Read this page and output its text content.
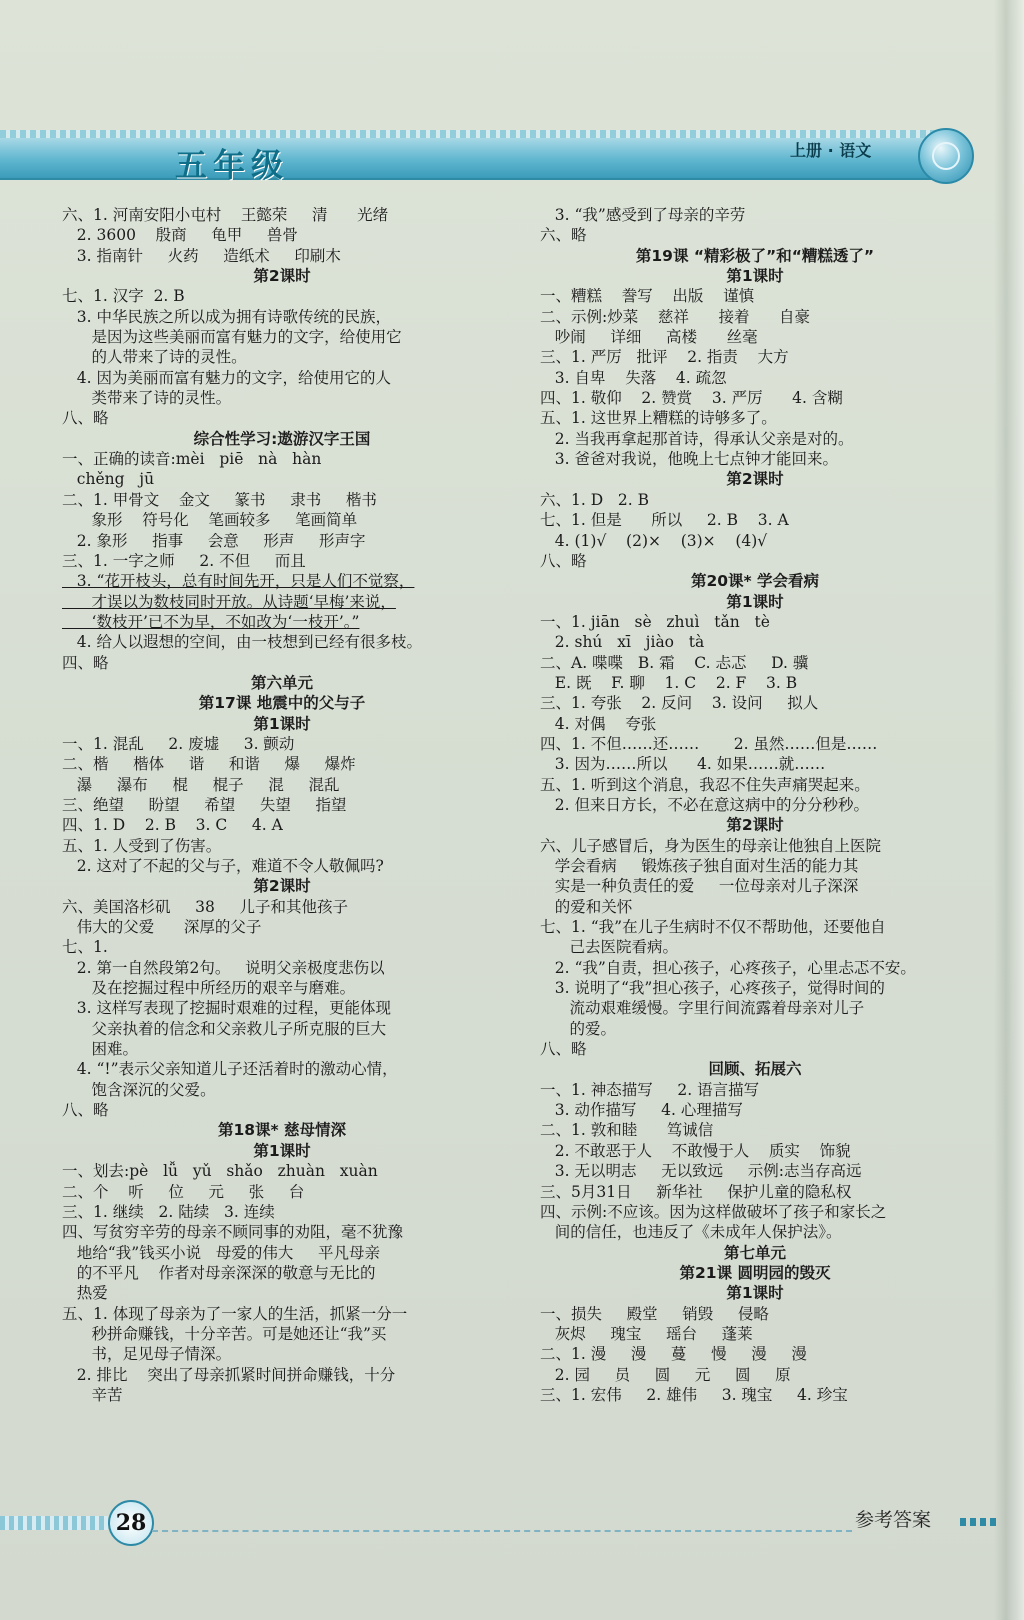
五年级	上册 · 语文
六、1. 河南安阳小屯村    王懿荣     清      光绪
2. 3600    殷商     龟甲     兽骨
3. 指南针     火药     造纸术     印刷木
第2课时
七、1. 汉字  2. B
3. 中华民族之所以成为拥有诗歌传统的民族，
是因为这些美丽而富有魅力的文字，给使用它
的人带来了诗的灵性。
4. 因为美丽而富有魅力的文字，给使用它的人
类带来了诗的灵性。
八、略
综合性学习:遨游汉字王国
一、正确的读音:mèi   piē   nà   hàn
chěng   jū
二、1. 甲骨文    金文     篆书     隶书     楷书
象形    符号化    笔画较多     笔画简单
2. 象形     指事     会意     形声     形声字
三、1. 一字之师     2. 不但     而且
3. “花开枝头，总有时间先开，只是人们不觉察，
才误以为数枝同时开放。从诗题‘早梅’来说，
‘数枝开’已不为早，不如改为‘一枝开’。”
4. 给人以遐想的空间，由一枝想到已经有很多枝。
四、略
第六单元
第17课 地震中的父与子
第1课时
一、1. 混乱     2. 废墟     3. 颤动
二、楷     楷体     谐     和谐     爆     爆炸
瀑     瀑布     棍     棍子     混     混乱
三、绝望     盼望     希望     失望     指望
四、1. D    2. B    3. C     4. A
五、1. 人受到了伤害。
2. 这对了不起的父与子，难道不令人敬佩吗?
第2课时
六、美国洛杉矶     38     儿子和其他孩子
伟大的父爱      深厚的父子
七、1.
2. 第一自然段第2句。   说明父亲极度悲伤以
及在挖掘过程中所经历的艰辛与磨难。
3. 这样写表现了挖掘时艰难的过程，更能体现
父亲执着的信念和父亲救儿子所克服的巨大
困难。
4. “!”表示父亲知道儿子还活着时的激动心情，
饱含深沉的父爱。
八、略
第18课* 慈母情深
第1课时
一、划去:pè   lǚ   yǔ   shǎo   zhuàn   xuàn
二、个    听     位     元     张     台
三、1. 继续   2. 陆续   3. 连续
四、写贫穷辛劳的母亲不顾同事的劝阻，毫不犹豫
地给“我”钱买小说   母爱的伟大     平凡母亲
的不平凡    作者对母亲深深的敬意与无比的
热爱
五、1. 体现了母亲为了一家人的生活，抓紧一分一
秒拼命赚钱，十分辛苦。可是她还让“我”买
书，足见母子情深。
2. 排比    突出了母亲抓紧时间拼命赚钱，十分
辛苦
3. “我”感受到了母亲的辛劳
六、略
第19课 “精彩极了”和“糟糕透了”
第1课时
一、糟糕    誊写    出版    谨慎
二、示例:炒菜    慈祥      接着      自豪
吵闹     详细     高楼      丝毫
三、1. 严厉   批评    2. 指责    大方
3. 自卑    失落    4. 疏忽
四、1. 敬仰    2. 赞赏    3. 严厉      4. 含糊
五、1. 这世界上糟糕的诗够多了。
2. 当我再拿起那首诗，得承认父亲是对的。
3. 爸爸对我说，他晚上七点钟才能回来。
第2课时
六、1. D   2. B
七、1. 但是      所以     2. B    3. A
4. (1)√    (2)×    (3)×    (4)√
八、略
第20课* 学会看病
第1课时
一、1. jiān   sè   zhuì   tǎn   tè
2. shú   xī   jiào   tà
二、A. 喋喋   B. 霜    C. 忐忑     D. 骥
E. 既    F. 聊    1. C    2. F    3. B
三、1. 夸张    2. 反问    3. 设问     拟人
4. 对偶    夸张
四、1. 不但……还……       2. 虽然……但是……
3. 因为……所以      4. 如果……就……
五、1. 听到这个消息，我忍不住失声痛哭起来。
2. 但来日方长，不必在意这病中的分分秒秒。
第2课时
六、儿子感冒后，身为医生的母亲让他独自上医院
学会看病     锻炼孩子独自面对生活的能力其
实是一种负责任的爱     一位母亲对儿子深深
的爱和关怀
七、1. “我”在儿子生病时不仅不帮助他，还要他自
己去医院看病。
2. “我”自责，担心孩子，心疼孩子，心里忐忑不安。
3. 说明了“我”担心孩子，心疼孩子，觉得时间的
流动艰难缓慢。字里行间流露着母亲对儿子
的爱。
八、略
回顾、拓展六
一、1. 神态描写     2. 语言描写
3. 动作描写     4. 心理描写
二、1. 敦和睦      笃诚信
2. 不敢恶于人    不敢慢于人    质实    饰貌
3. 无以明志     无以致远     示例:志当存高远
三、5月31日     新华社     保护儿童的隐私权
四、示例:不应该。因为这样做破坏了孩子和家长之
间的信任，也违反了《未成年人保护法》。
第七单元
第21课 圆明园的毁灭
第1课时
一、损失     殿堂     销毁     侵略
灰烬     瑰宝     瑶台     蓬莱
二、1. 漫     漫     蔓     慢     漫     漫
2. 园     员     圆     元     圆     原
三、1. 宏伟     2. 雄伟     3. 瑰宝     4. 珍宝
28	参考答案
